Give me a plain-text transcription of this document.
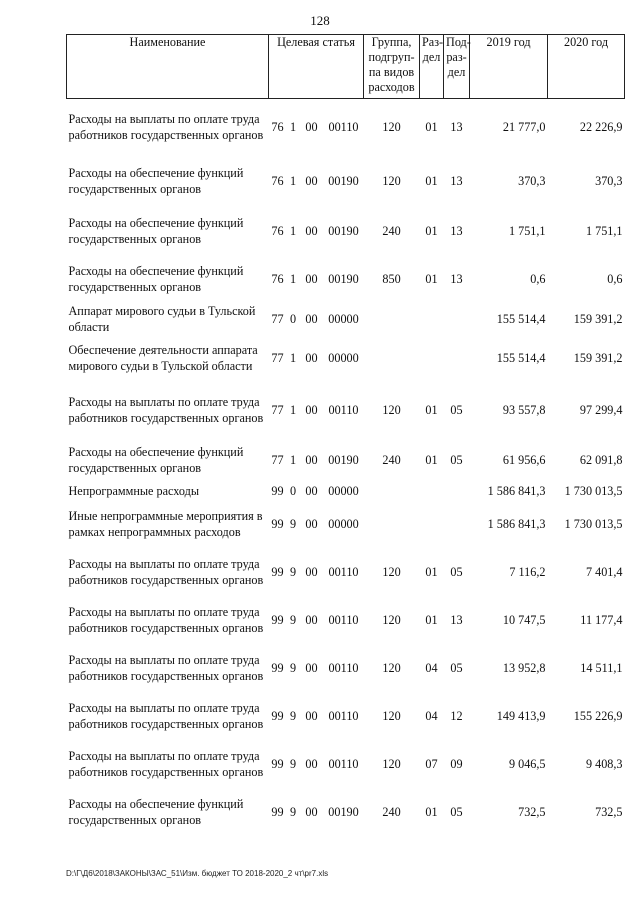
128
Наименование	Целевая статья				Группа, подгруп-па видов расходов	Раз-дел	Под-раз-дел	2019 год	2020 год
Расходы на выплаты по оплате труда работников государственных органов	76	1	00	00110	120	01	13	21 777,0	22 226,9
Расходы на обеспечение функций государственных органов	76	1	00	00190	120	01	13	370,3	370,3
Расходы на обеспечение функций государственных органов	76	1	00	00190	240	01	13	1 751,1	1 751,1
Расходы на обеспечение функций государственных органов	76	1	00	00190	850	01	13	0,6	0,6
Аппарат мирового судьи в Тульской области	77	0	00	00000				155 514,4	159 391,2
Обеспечение деятельности аппарата мирового судьи в Тульской области	77	1	00	00000				155 514,4	159 391,2
Расходы на выплаты по оплате труда работников государственных органов	77	1	00	00110	120	01	05	93 557,8	97 299,4
Расходы на обеспечение функций государственных органов	77	1	00	00190	240	01	05	61 956,6	62 091,8
Непрограммные расходы	99	0	00	00000				1 586 841,3	1 730 013,5
Иные непрограммные мероприятия в рамках непрограммных расходов	99	9	00	00000				1 586 841,3	1 730 013,5
Расходы на выплаты по оплате труда работников государственных органов	99	9	00	00110	120	01	05	7 116,2	7 401,4
Расходы на выплаты по оплате труда работников государственных органов	99	9	00	00110	120	01	13	10 747,5	11 177,4
Расходы на выплаты по оплате труда работников государственных органов	99	9	00	00110	120	04	05	13 952,8	14 511,1
Расходы на выплаты по оплате труда работников государственных органов	99	9	00	00110	120	04	12	149 413,9	155 226,9
Расходы на выплаты по оплате труда работников государственных органов	99	9	00	00110	120	07	09	9 046,5	9 408,3
Расходы на обеспечение функций государственных органов	99	9	00	00190	240	01	05	732,5	732,5
D:\Г\Д6\2018\ЗАКОНЫ\ЗАС_51\Изм. бюджет ТО 2018-2020_2 чт\pr7.xls
